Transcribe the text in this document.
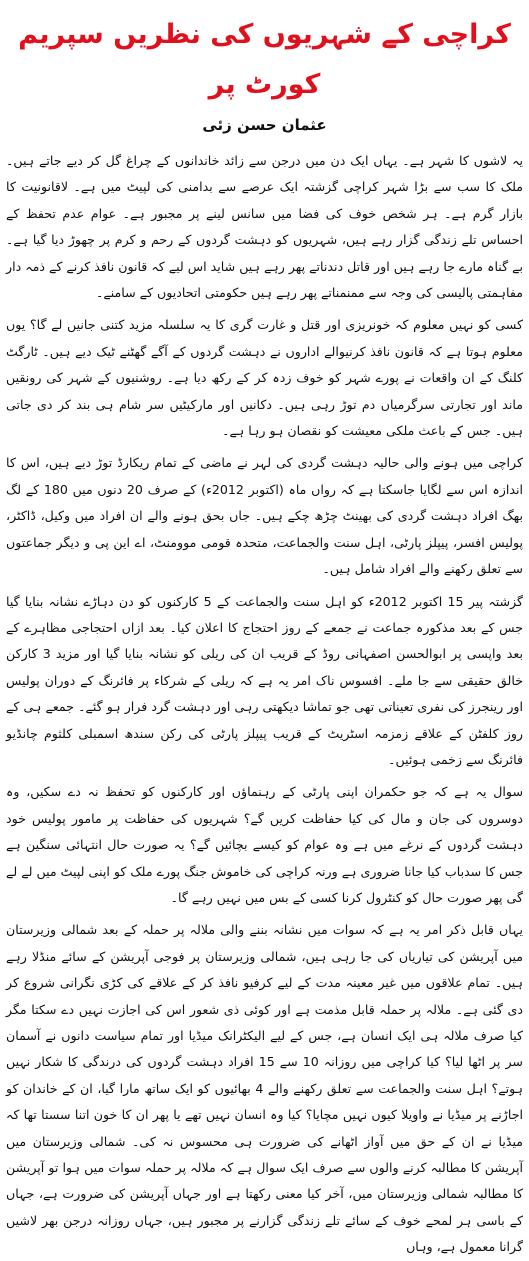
کراچی کے شہریوں کی نظریں سپریم کورٹ پر
عثمان حسن زئی

یہ لاشوں کا شہر ہے۔ یہاں ایک دن میں درجن سے زائد خاندانوں کے چراغ گل کر دیے جاتے ہیں۔ ملک کا سب سے بڑا شہر کراچی گزشتہ ایک عرصے سے بدامنی کی لپیٹ میں ہے۔ لاقانونیت کا بازار گرم ہے۔ ہر شخص خوف کی فضا میں سانس لینے پر مجبور ہے۔ عوام عدم تحفظ کے احساس تلے زندگی گزار رہے ہیں، شہریوں کو دہشت گردوں کے رحم و کرم پر چھوڑ دیا گیا ہے۔ بے گناہ مارے جا رہے ہیں اور قاتل دندناتے پھر رہے ہیں شاید اس لیے کہ قانون نافذ کرنے کے ذمہ دار مفاہمتی پالیسی کی وجہ سے ممنمناتے پھر رہے ہیں حکومتی اتحادیوں کے سامنے۔

کسی کو نہیں معلوم کہ خونریزی اور قتل و غارت گری کا یہ سلسلہ مزید کتنی جانیں لے گا؟ یوں معلوم ہوتا ہے کہ قانون نافذ کرنیوالے اداروں نے دہشت گردوں کے آگے گھٹنے ٹیک دیے ہیں۔ ٹارگٹ کلنگ کے ان واقعات نے پورے شہر کو خوف زدہ کر کے رکھ دیا ہے۔ روشنیوں کے شہر کی رونقیں ماند اور تجارتی سرگرمیاں دم توڑ رہی ہیں۔ دکانیں اور مارکیٹیں سر شام ہی بند کر دی جاتی ہیں۔ جس کے باعث ملکی معیشت کو نقصان ہو رہا ہے۔

کراچی میں ہونے والی حالیہ دہشت گردی کی لہر نے ماضی کے تمام ریکارڈ توڑ دیے ہیں، اس کا اندازہ اس سے لگایا جاسکتا ہے کہ رواں ماہ (اکتوبر 2012ء) کے صرف 20 دنوں میں 180 کے لگ بھگ افراد دہشت گردی کی بھینٹ چڑھ چکے ہیں۔ جاں بحق ہونے والے ان افراد میں وکیل، ڈاکٹر، پولیس افسر، پیپلز پارٹی، اہل سنت والجماعت، متحدہ قومی موومنٹ، اے این پی و دیگر جماعتوں سے تعلق رکھنے والے افراد شامل ہیں۔

گزشتہ پیر 15 اکتوبر 2012ء کو اہل سنت والجماعت کے 5 کارکنوں کو دن دہاڑے نشانہ بنایا گیا جس کے بعد مذکورہ جماعت نے جمعے کے روز احتجاج کا اعلان کیا۔ بعد ازاں احتجاجی مظاہرے کے بعد واپسی پر ابوالحسن اصفہانی روڈ کے قریب ان کی ریلی کو نشانہ بنایا گیا اور مزید 3 کارکن خالق حقیقی سے جا ملے۔ افسوس ناک امر یہ ہے کہ ریلی کے شرکاء پر فائرنگ کے دوران پولیس اور رینجرز کی نفری تعیناتی تھی جو تماشا دیکھتی رہی اور دہشت گرد فرار ہو گئے۔ جمعے ہی کے روز کلفٹن کے علاقے زمزمہ اسٹریٹ کے قریب پیپلز پارٹی کی رکن سندھ اسمبلی کلثوم چانڈیو فائرنگ سے زخمی ہوئیں۔

سوال یہ ہے کہ جو حکمران اپنی پارٹی کے رہنماؤں اور کارکنوں کو تحفظ نہ دے سکیں، وہ دوسروں کی جان و مال کی کیا حفاظت کریں گے؟ شہریوں کی حفاظت پر مامور پولیس خود دہشت گردوں کے نرغے میں ہے وہ عوام کو کیسے بچائیں گے؟ یہ صورت حال انتہائی سنگین ہے جس کا سدباب کیا جانا ضروری ہے ورنہ کراچی کی خاموش جنگ پورے ملک کو اپنی لپیٹ میں لے لے گی پھر صورت حال کو کنٹرول کرنا کسی کے بس میں نہیں رہے گا۔

یہاں قابل ذکر امر یہ ہے کہ سوات میں نشانہ بننے والی ملالہ پر حملہ کے بعد شمالی وزیرستان میں آپریشن کی تیاریاں کی جا رہی ہیں، شمالی وزیرستان پر فوجی آپریشن کے سائے منڈلا رہے ہیں۔ تمام علاقوں میں غیر معینہ مدت کے لیے کرفیو نافذ کر کے علاقے کی کڑی نگرانی شروع کر دی گئی ہے۔ ملالہ پر حملہ قابل مذمت ہے اور کوئی ذی شعور اس کی اجازت نہیں دے سکتا مگر کیا صرف ملالہ ہی ایک انسان ہے، جس کے لیے الیکٹرانک میڈیا اور تمام سیاست دانوں نے آسمان سر پر اٹھا لیا؟ کیا کراچی میں روزانہ 10 سے 15 افراد دہشت گردوں کی درندگی کا شکار نہیں ہوتے؟ اہل سنت والجماعت سے تعلق رکھنے والے 4 بھائیوں کو ایک ساتھ مارا گیا، ان کے خاندان کو اجاڑنے پر میڈیا نے واویلا کیوں نہیں مچایا؟ کیا وہ انسان نہیں تھے یا پھر ان کا خون اتنا سستا تھا کہ میڈیا نے ان کے حق میں آواز اٹھانے کی ضرورت ہی محسوس نہ کی۔ شمالی وزیرستان میں آپریشن کا مطالبہ کرنے والوں سے صرف ایک سوال ہے کہ ملالہ پر حملہ سوات میں ہوا تو آپریشن کا مطالبہ شمالی وزیرستان میں، آخر کیا معنی رکھتا ہے اور جہاں آپریشن کی ضرورت ہے، جہاں کے باسی ہر لمحے خوف کے سائے تلے زندگی گزارنے پر مجبور ہیں، جہاں روزانہ درجن بھر لاشیں گرانا معمول ہے، وہاں
